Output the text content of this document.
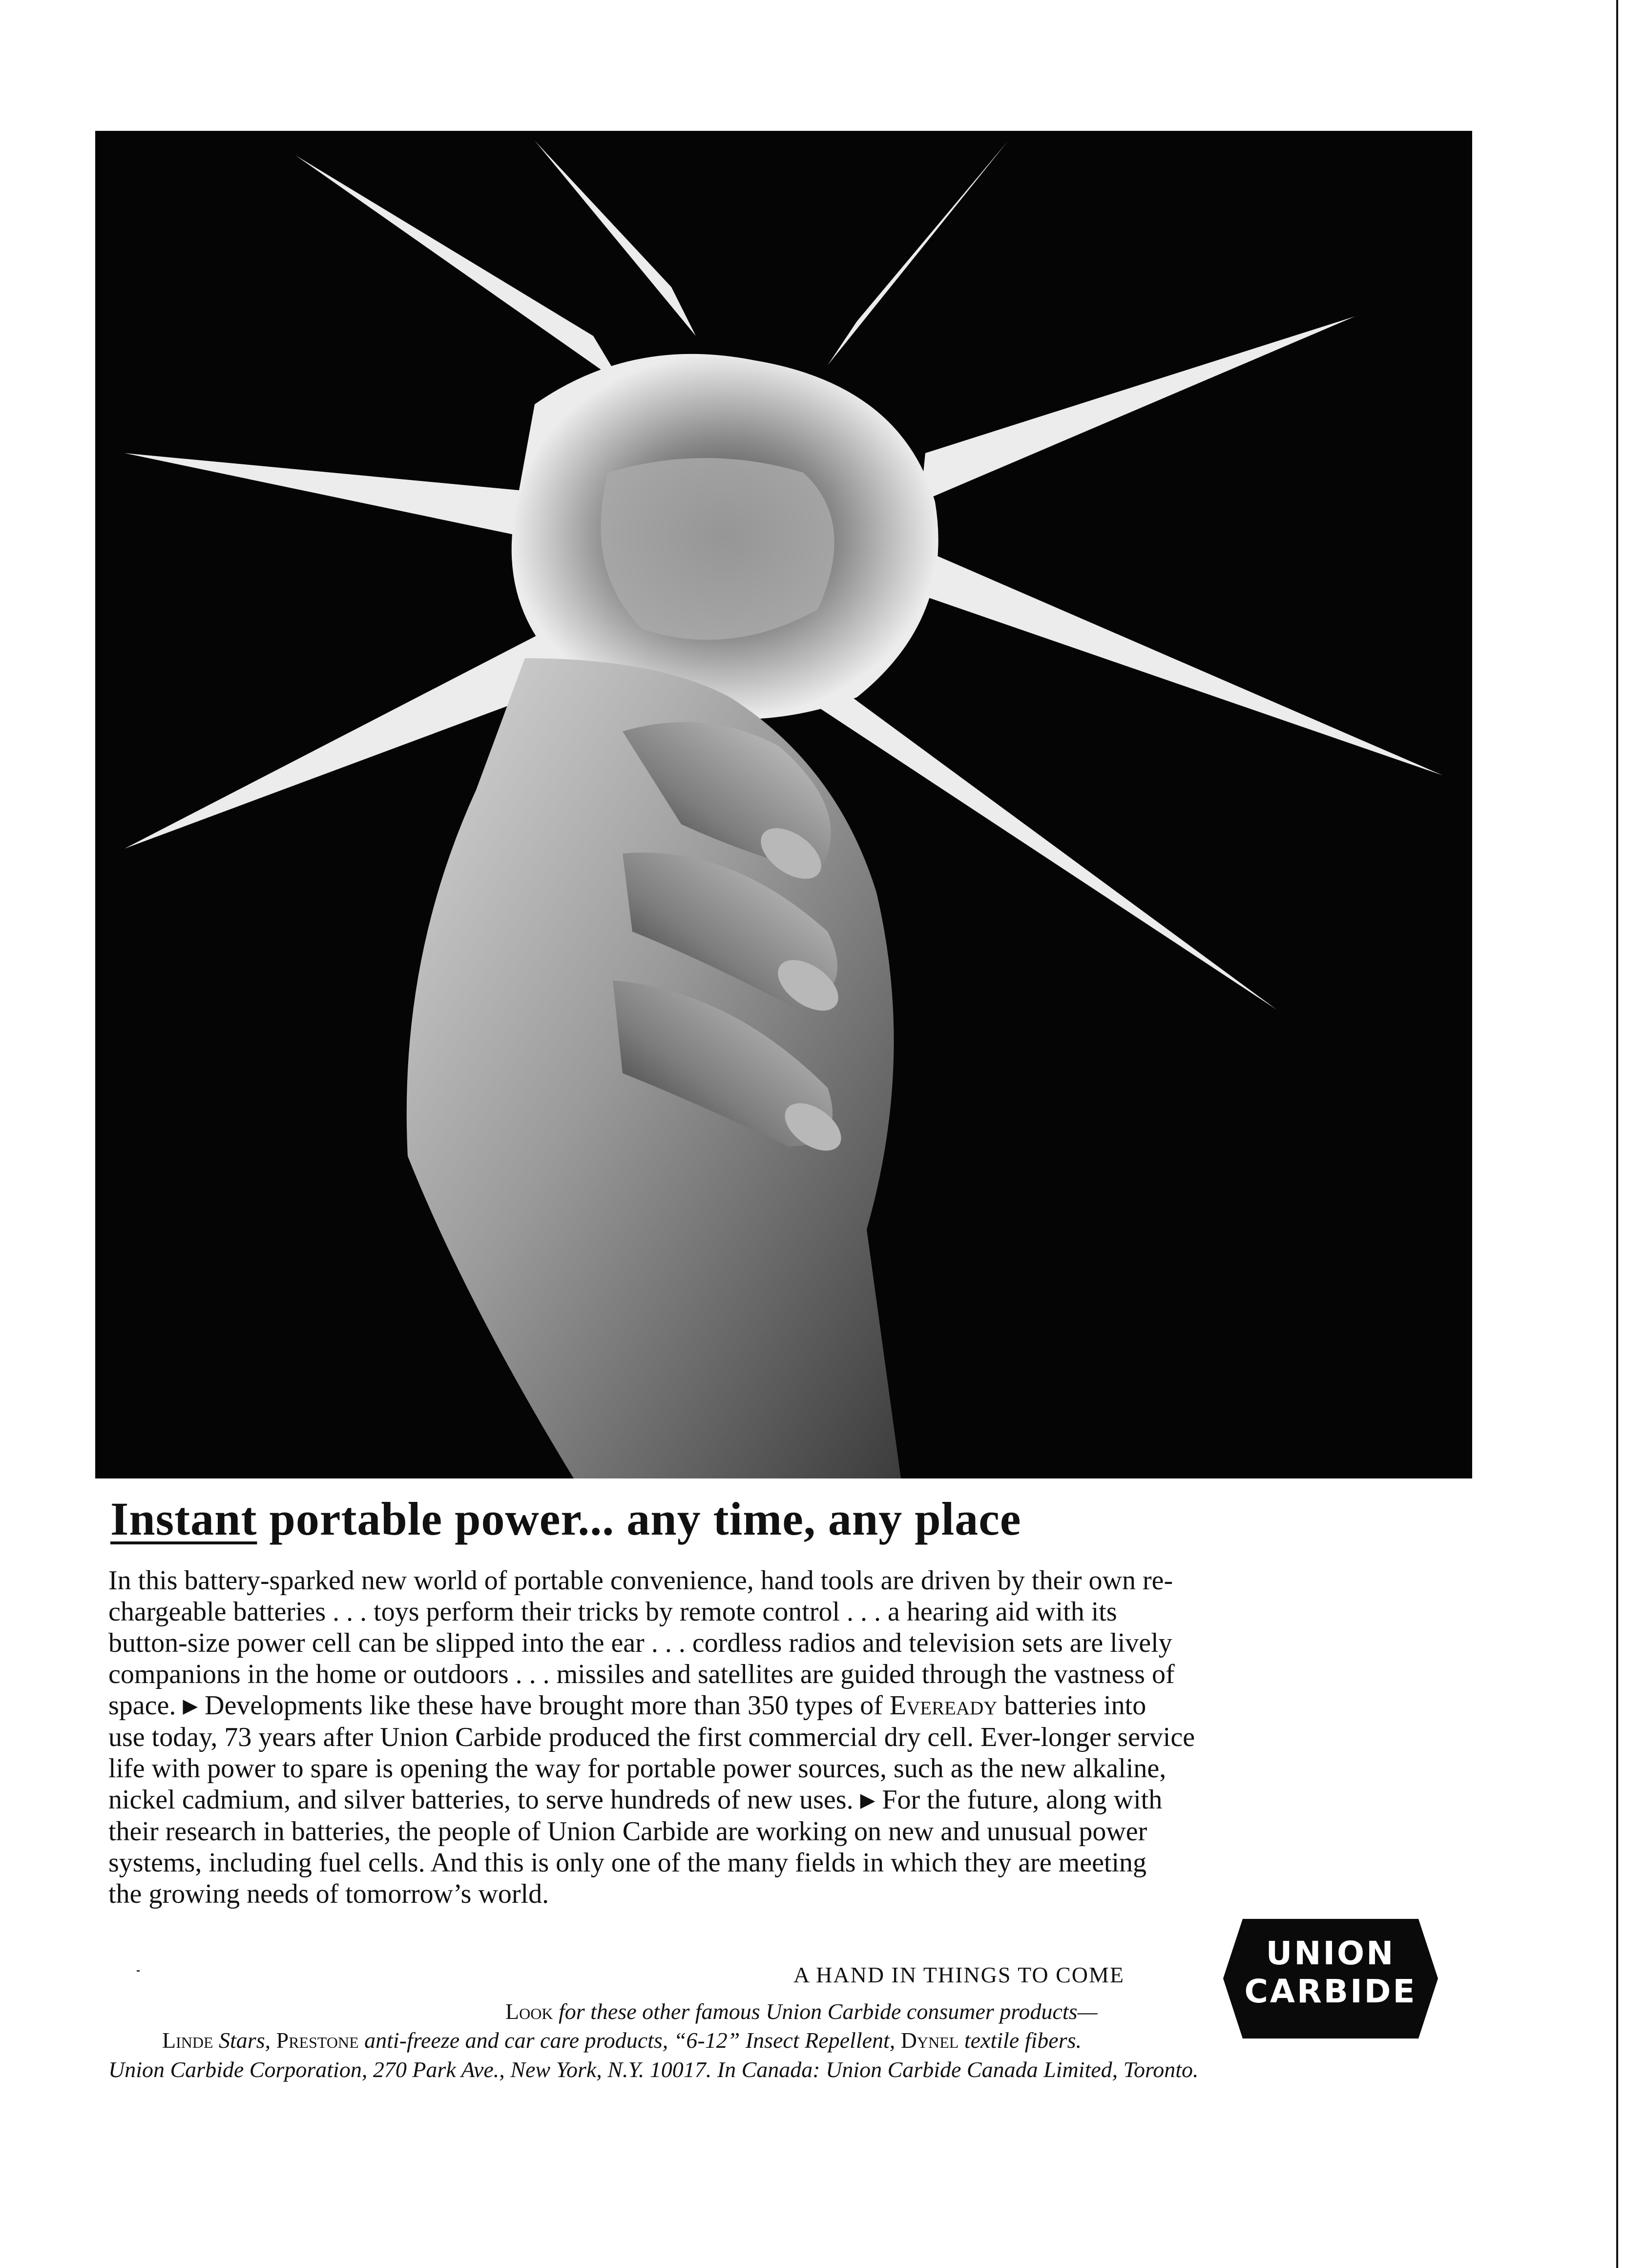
Instant portable power... any time, any place

In this battery-sparked new world of portable convenience, hand tools are driven by their own re-
chargeable batteries . . . toys perform their tricks by remote control . . . a hearing aid with its
button-size power cell can be slipped into the ear . . . cordless radios and television sets are lively
companions in the home or outdoors . . . missiles and satellites are guided through the vastness of
space. ▶ Developments like these have brought more than 350 types of Eveready batteries into
use today, 73 years after Union Carbide produced the first commercial dry cell. Ever-longer service
life with power to spare is opening the way for portable power sources, such as the new alkaline,
nickel cadmium, and silver batteries, to serve hundreds of new uses. ▶ For the future, along with
their research in batteries, the people of Union Carbide are working on new and unusual power
systems, including fuel cells. And this is only one of the many fields in which they are meeting
the growing needs of tomorrow’s world.

A HAND IN THINGS TO COME
UNION
CARBIDE
Look for these other famous Union Carbide consumer products—
Linde Stars, Prestone anti-freeze and car care products, “6-12” Insect Repellent, Dynel textile fibers.
Union Carbide Corporation, 270 Park Ave., New York, N.Y. 10017. In Canada: Union Carbide Canada Limited, Toronto.
